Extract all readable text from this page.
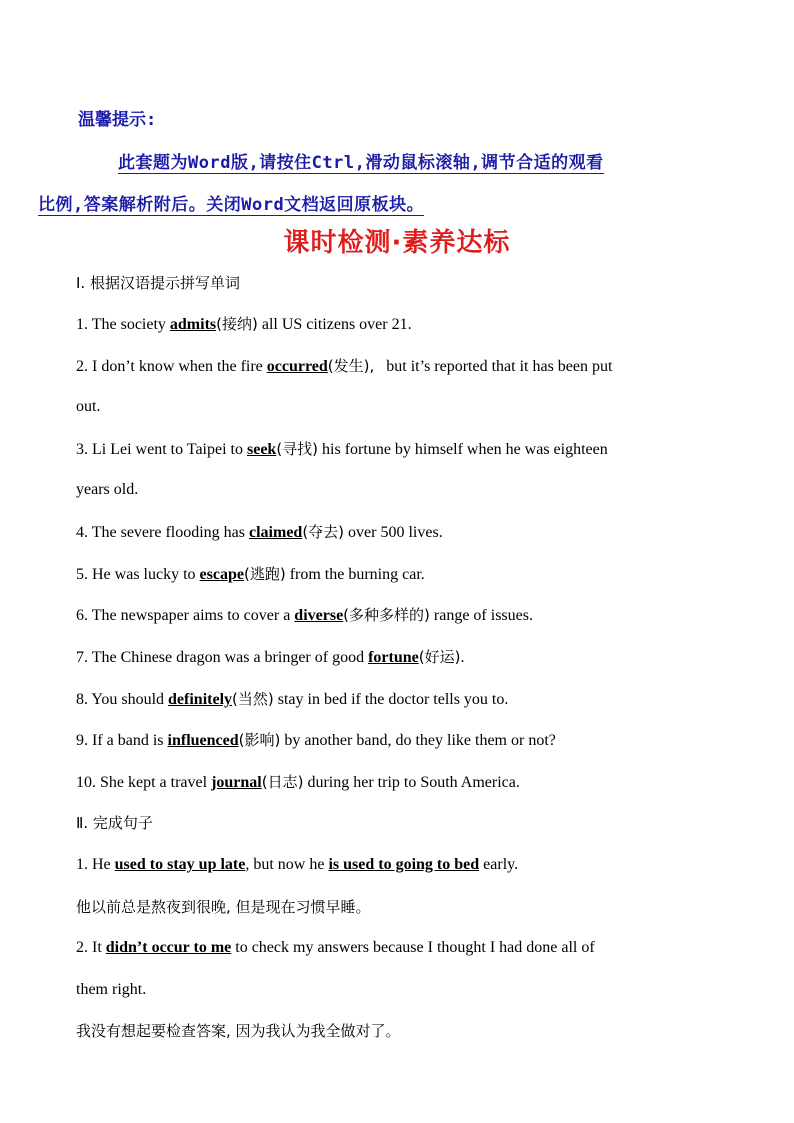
温馨提示:
此套题为Word版,请按住Ctrl,滑动鼠标滚轴,调节合适的观看
比例,答案解析附后。关闭Word文档返回原板块。
课时检测·素养达标
Ⅰ. 根据汉语提示拼写单词
1. The society admits(接纳) all US citizens over 21.
2. I don’t know when the fire occurred(发生),   but it’s reported that it has been put
out.
3. Li Lei went to Taipei to seek(寻找) his fortune by himself when he was eighteen
years old.
4. The severe flooding has claimed(夺去) over 500 lives.
5. He was lucky to escape(逃跑) from the burning car.
6. The newspaper aims to cover a diverse(多种多样的) range of issues.
7. The Chinese dragon was a bringer of good fortune(好运).
8. You should definitely(当然) stay in bed if the doctor tells you to.
9. If a band is influenced(影响) by another band, do they like them or not?
10. She kept a travel journal(日志) during her trip to South America.
Ⅱ. 完成句子
1. He used to stay up late, but now he is used to going to bed early.
他以前总是熬夜到很晚, 但是现在习惯早睡。
2. It didn’t occur to me to check my answers because I thought I had done all of
them right.
我没有想起要检查答案, 因为我认为我全做对了。
